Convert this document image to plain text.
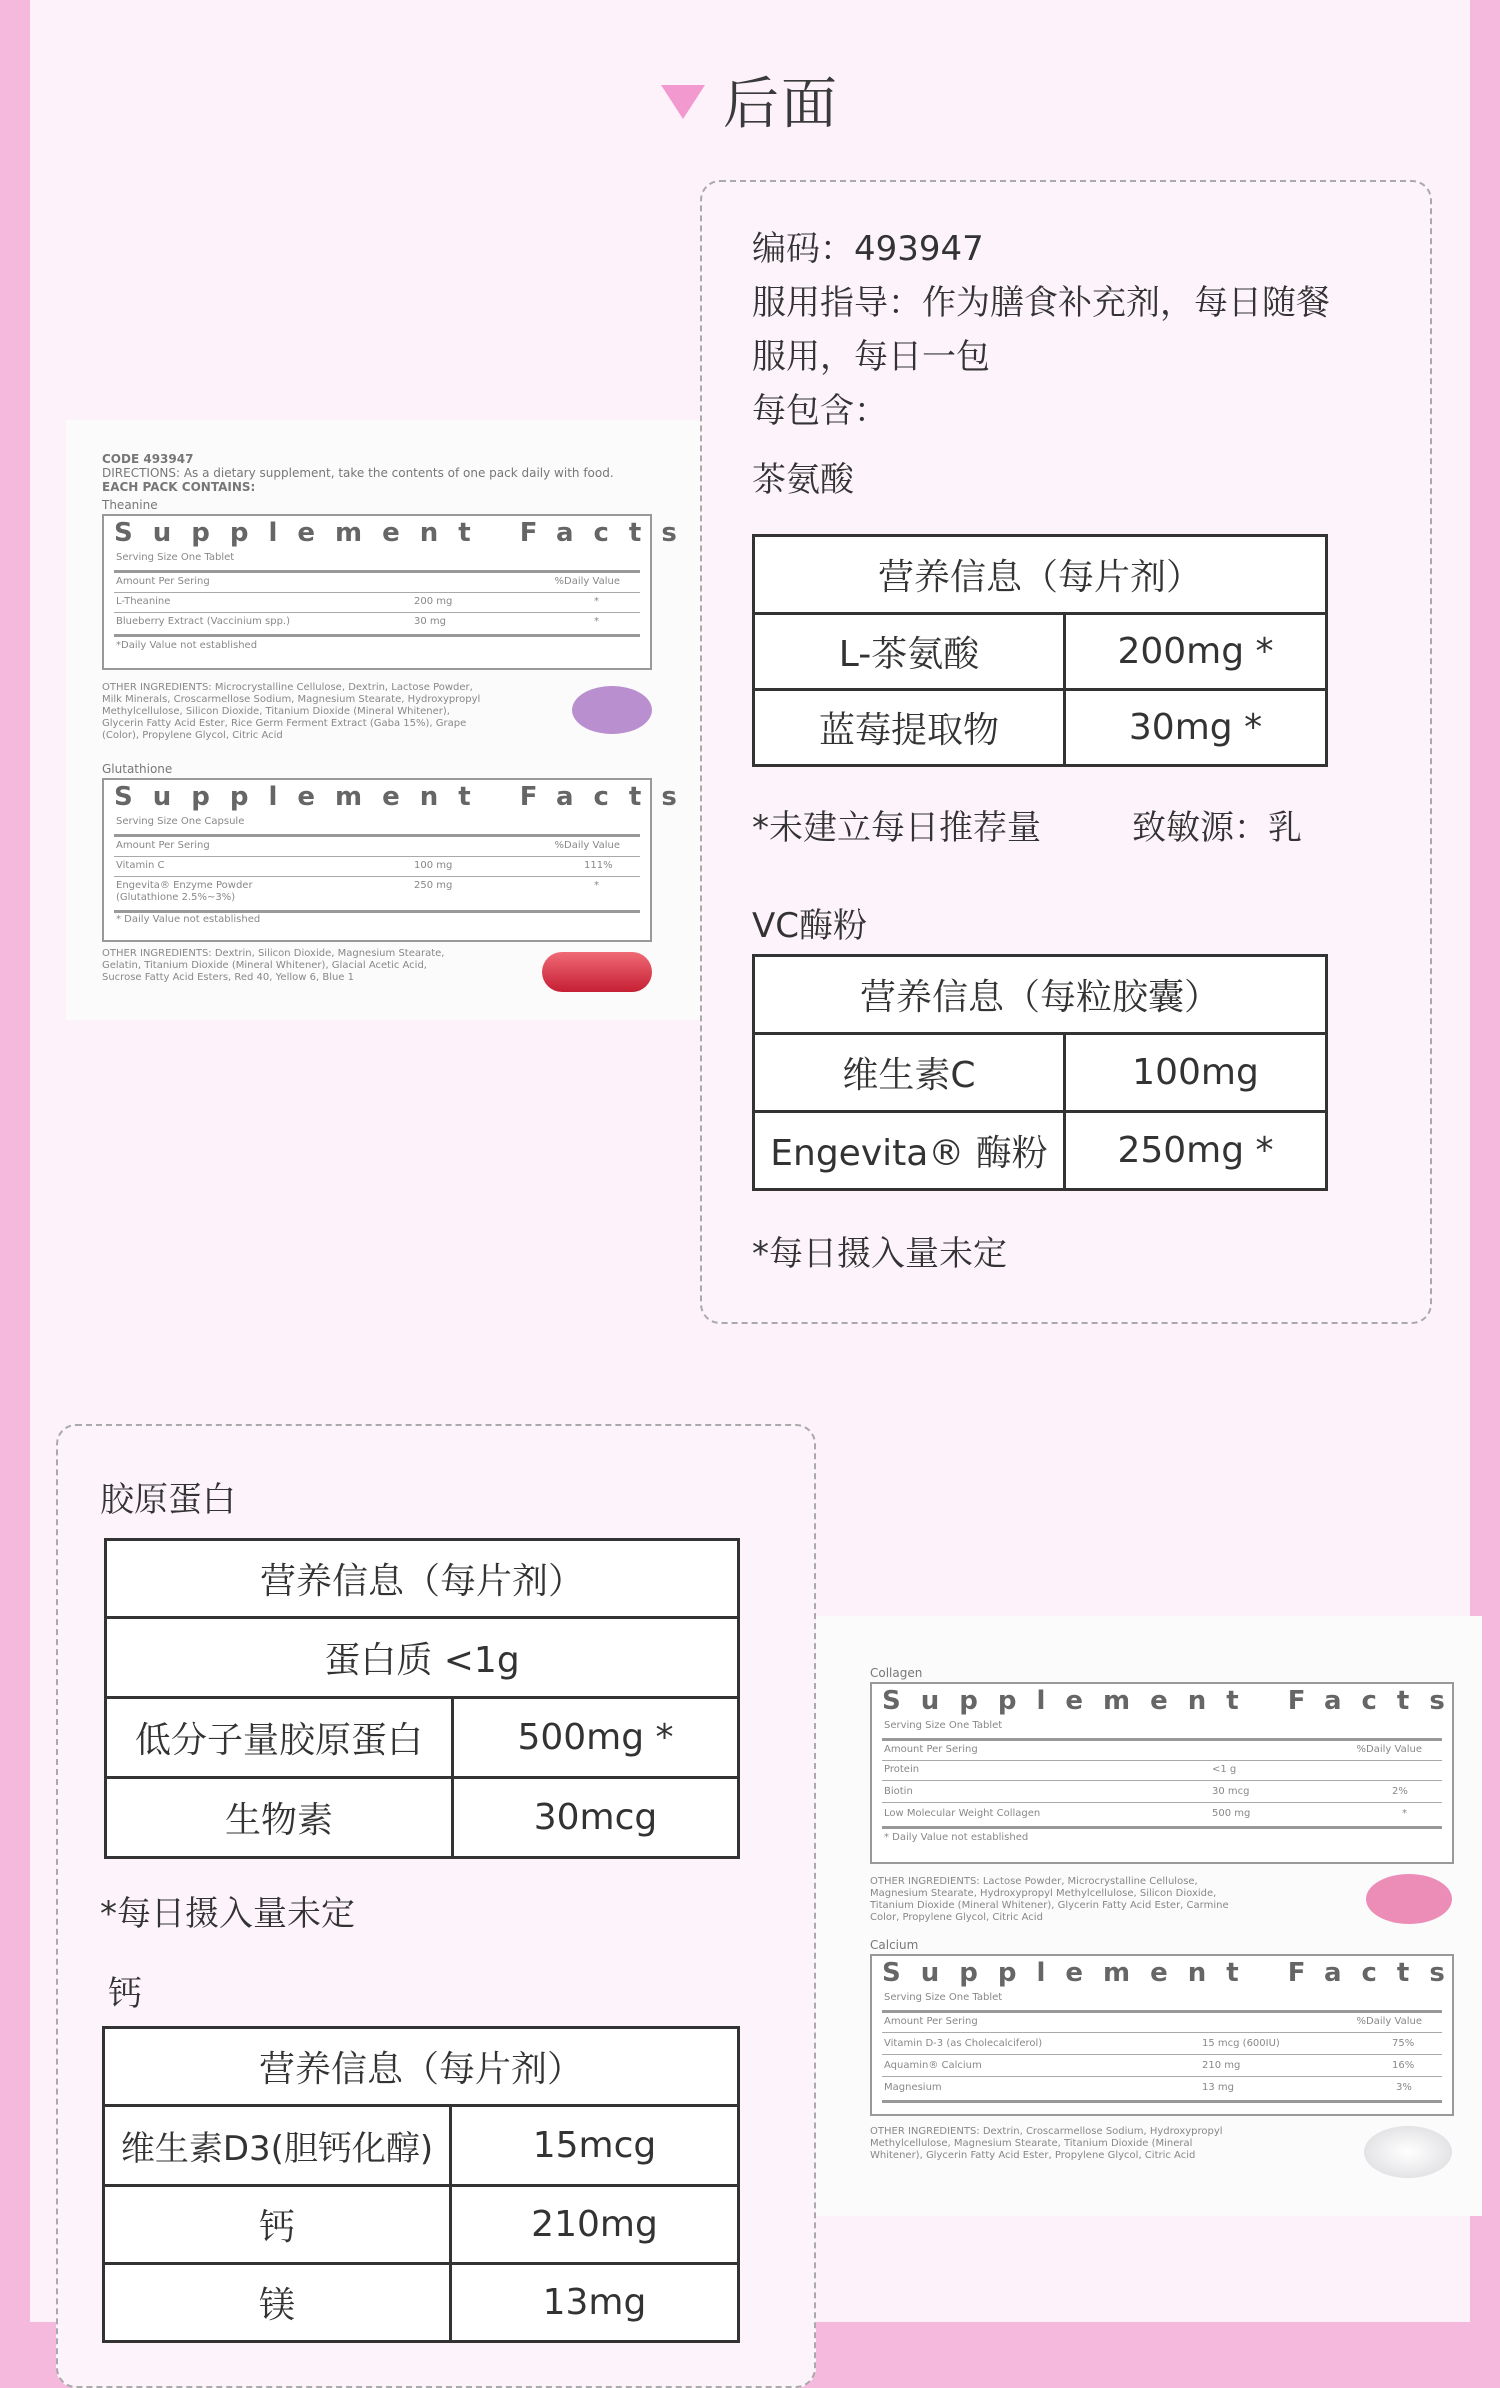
后面
CODE 493947
DIRECTIONS: As a dietary supplement, take the contents of one pack daily with food.
EACH PACK CONTAINS:
Theanine
Supplement Facts
Serving Size One Tablet
Amount Per Sering	%Daily Value
L-Theanine	200 mg	*
Blueberry Extract (Vaccinium spp.)	30 mg	*
*Daily Value not established
OTHER INGREDIENTS: Microcrystalline Cellulose, Dextrin, Lactose Powder,
Milk Minerals, Croscarmellose Sodium, Magnesium Stearate, Hydroxypropyl
Methylcellulose, Silicon Dioxide, Titanium Dioxide (Mineral Whitener),
Glycerin Fatty Acid Ester, Rice Germ Ferment Extract (Gaba 15%), Grape
(Color), Propylene Glycol, Citric Acid
Glutathione
Supplement Facts
Serving Size One Capsule
Amount Per Sering	%Daily Value
Vitamin C	100 mg	111%
Engevita® Enzyme Powder	250 mg	*
(Glutathione 2.5%~3%)
* Daily Value not established
OTHER INGREDIENTS: Dextrin, Silicon Dioxide, Magnesium Stearate,
Gelatin, Titanium Dioxide (Mineral Whitener), Glacial Acetic Acid,
Sucrose Fatty Acid Esters, Red 40, Yellow 6, Blue 1
编码：493947
服用指导：作为膳食补充剂，每日随餐
服用，每日一包
每包含：
茶氨酸
营养信息（每片剂）	
L-茶氨酸	200mg *
蓝莓提取物	30mg *
*未建立每日推荐量	致敏源：乳
VC酶粉
营养信息（每粒胶囊）	
维生素C	100mg
Engevita® 酶粉	250mg *
*每日摄入量未定
胶原蛋白
营养信息（每片剂）	
蛋白质 <1g	
低分子量胶原蛋白	500mg *
生物素	30mcg
*每日摄入量未定
钙
营养信息（每片剂）	
维生素D3(胆钙化醇)	15mcg
钙	210mg
镁	13mg
Collagen
Supplement Facts
Serving Size One Tablet
Amount Per Sering	%Daily Value
Protein	<1 g
Biotin	30 mcg	2%
Low Molecular Weight Collagen	500 mg	*
* Daily Value not established
OTHER INGREDIENTS: Lactose Powder, Microcrystalline Cellulose,
Magnesium Stearate, Hydroxypropyl Methylcellulose, Silicon Dioxide,
Titanium Dioxide (Mineral Whitener), Glycerin Fatty Acid Ester, Carmine
Color, Propylene Glycol, Citric Acid
Calcium
Supplement Facts
Serving Size One Tablet
Amount Per Sering	%Daily Value
Vitamin D-3 (as Cholecalciferol)	15 mcg (600IU)	75%
Aquamin® Calcium	210 mg	16%
Magnesium	13 mg	3%
OTHER INGREDIENTS: Dextrin, Croscarmellose Sodium, Hydroxypropyl
Methylcellulose, Magnesium Stearate, Titanium Dioxide (Mineral
Whitener), Glycerin Fatty Acid Ester, Propylene Glycol, Citric Acid
